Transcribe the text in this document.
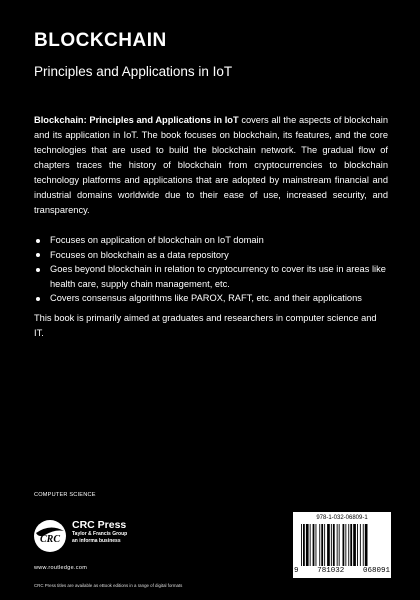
BLOCKCHAIN
Principles and Applications in IoT

Blockchain: Principles and Applications in IoT covers all the aspects of blockchain and its application in IoT. The book focuses on blockchain, its features, and the core technologies that are used to build the blockchain network. The gradual flow of chapters traces the history of blockchain from cryptocurrencies to blockchain technology platforms and applications that are adopted by mainstream financial and industrial domains worldwide due to their ease of use, increased security, and transparency.

Focuses on application of blockchain on IoT domain
Focuses on blockchain as a data repository
Goes beyond blockchain in relation to cryptocurrency to cover its use in areas like health care, supply chain management, etc.
Covers consensus algorithms like PAROX, RAFT, etc. and their applications

This book is primarily aimed at graduates and researchers in computer science and IT.

COMPUTER SCIENCE
CRC
CRC Press
Taylor & Francis Group
an informa business
www.routledge.com
CRC Press titles are available as eBook editions in a range of digital formats
978-1-032-06809-1
9 781032 068091
